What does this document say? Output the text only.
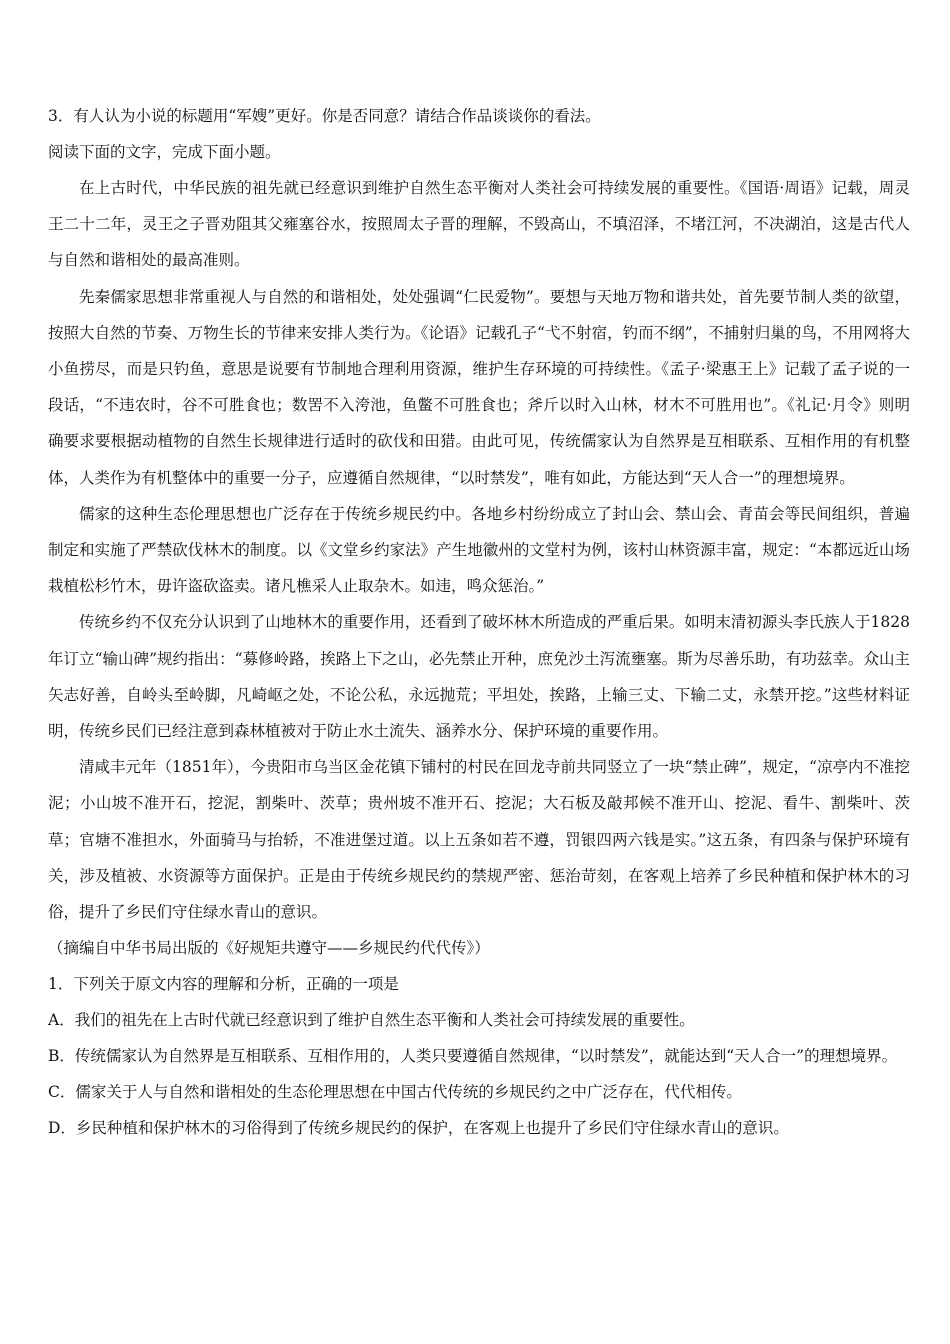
3．有人认为小说的标题用“军嫂”更好。你是否同意？请结合作品谈谈你的看法。

阅读下面的文字，完成下面小题。

在上古时代，中华民族的祖先就已经意识到维护自然生态平衡对人类社会可持续发展的重要性。《国语·周语》记载，周灵王二十二年，灵王之子晋劝阻其父雍塞谷水，按照周太子晋的理解，不毁高山，不填沼泽，不堵江河，不决湖泊，这是古代人与自然和谐相处的最高准则。

先秦儒家思想非常重视人与自然的和谐相处，处处强调“仁民爱物”。要想与天地万物和谐共处，首先要节制人类的欲望，按照大自然的节奏、万物生长的节律来安排人类行为。《论语》记载孔子“弋不射宿，钓而不纲”，不捕射归巢的鸟，不用网将大小鱼捞尽，而是只钓鱼，意思是说要有节制地合理利用资源，维护生存环境的可持续性。《孟子·梁惠王上》记载了孟子说的一段话，“不违农时，谷不可胜食也；数罟不入洿池，鱼鳖不可胜食也；斧斤以时入山林，材木不可胜用也”。《礼记·月令》则明确要求要根据动植物的自然生长规律进行适时的砍伐和田猎。由此可见，传统儒家认为自然界是互相联系、互相作用的有机整体，人类作为有机整体中的重要一分子，应遵循自然规律，“以时禁发”，唯有如此，方能达到“天人合一”的理想境界。

儒家的这种生态伦理思想也广泛存在于传统乡规民约中。各地乡村纷纷成立了封山会、禁山会、青苗会等民间组织，普遍制定和实施了严禁砍伐林木的制度。以《文堂乡约家法》产生地徽州的文堂村为例，该村山林资源丰富，规定：“本都远近山场栽植松杉竹木，毋许盗砍盗卖。诸凡樵采人止取杂木。如违，鸣众惩治。”

传统乡约不仅充分认识到了山地林木的重要作用，还看到了破坏林木所造成的严重后果。如明末清初源头李氏族人于1828年订立“输山碑”规约指出：“募修岭路，挨路上下之山，必先禁止开种，庶免沙土泻流壅塞。斯为尽善乐助，有功兹幸。众山主矢志好善，自岭头至岭脚，凡崎岖之处，不论公私，永远抛荒；平坦处，挨路，上输三丈、下输二丈，永禁开挖。”这些材料证明，传统乡民们已经注意到森林植被对于防止水土流失、涵养水分、保护环境的重要作用。

清咸丰元年（1851年），今贵阳市乌当区金花镇下铺村的村民在回龙寺前共同竖立了一块“禁止碑”，规定，“凉亭内不准挖泥；小山坡不准开石，挖泥，割柴叶、茨草；贵州坡不准开石、挖泥；大石板及敲邦候不准开山、挖泥、看牛、割柴叶、茨草；官塘不准担水，外面骑马与抬轿，不准进堡过道。以上五条如若不遵，罚银四两六钱是实。”这五条，有四条与保护环境有关，涉及植被、水资源等方面保护。正是由于传统乡规民约的禁规严密、惩治苛刻，在客观上培养了乡民种植和保护林木的习俗，提升了乡民们守住绿水青山的意识。

（摘编自中华书局出版的《好规矩共遵守——乡规民约代代传》）

1．下列关于原文内容的理解和分析，正确的一项是

A．我们的祖先在上古时代就已经意识到了维护自然生态平衡和人类社会可持续发展的重要性。

B．传统儒家认为自然界是互相联系、互相作用的，人类只要遵循自然规律，“以时禁发”，就能达到“天人合一”的理想境界。

C．儒家关于人与自然和谐相处的生态伦理思想在中国古代传统的乡规民约之中广泛存在，代代相传。

D．乡民种植和保护林木的习俗得到了传统乡规民约的保护，在客观上也提升了乡民们守住绿水青山的意识。
